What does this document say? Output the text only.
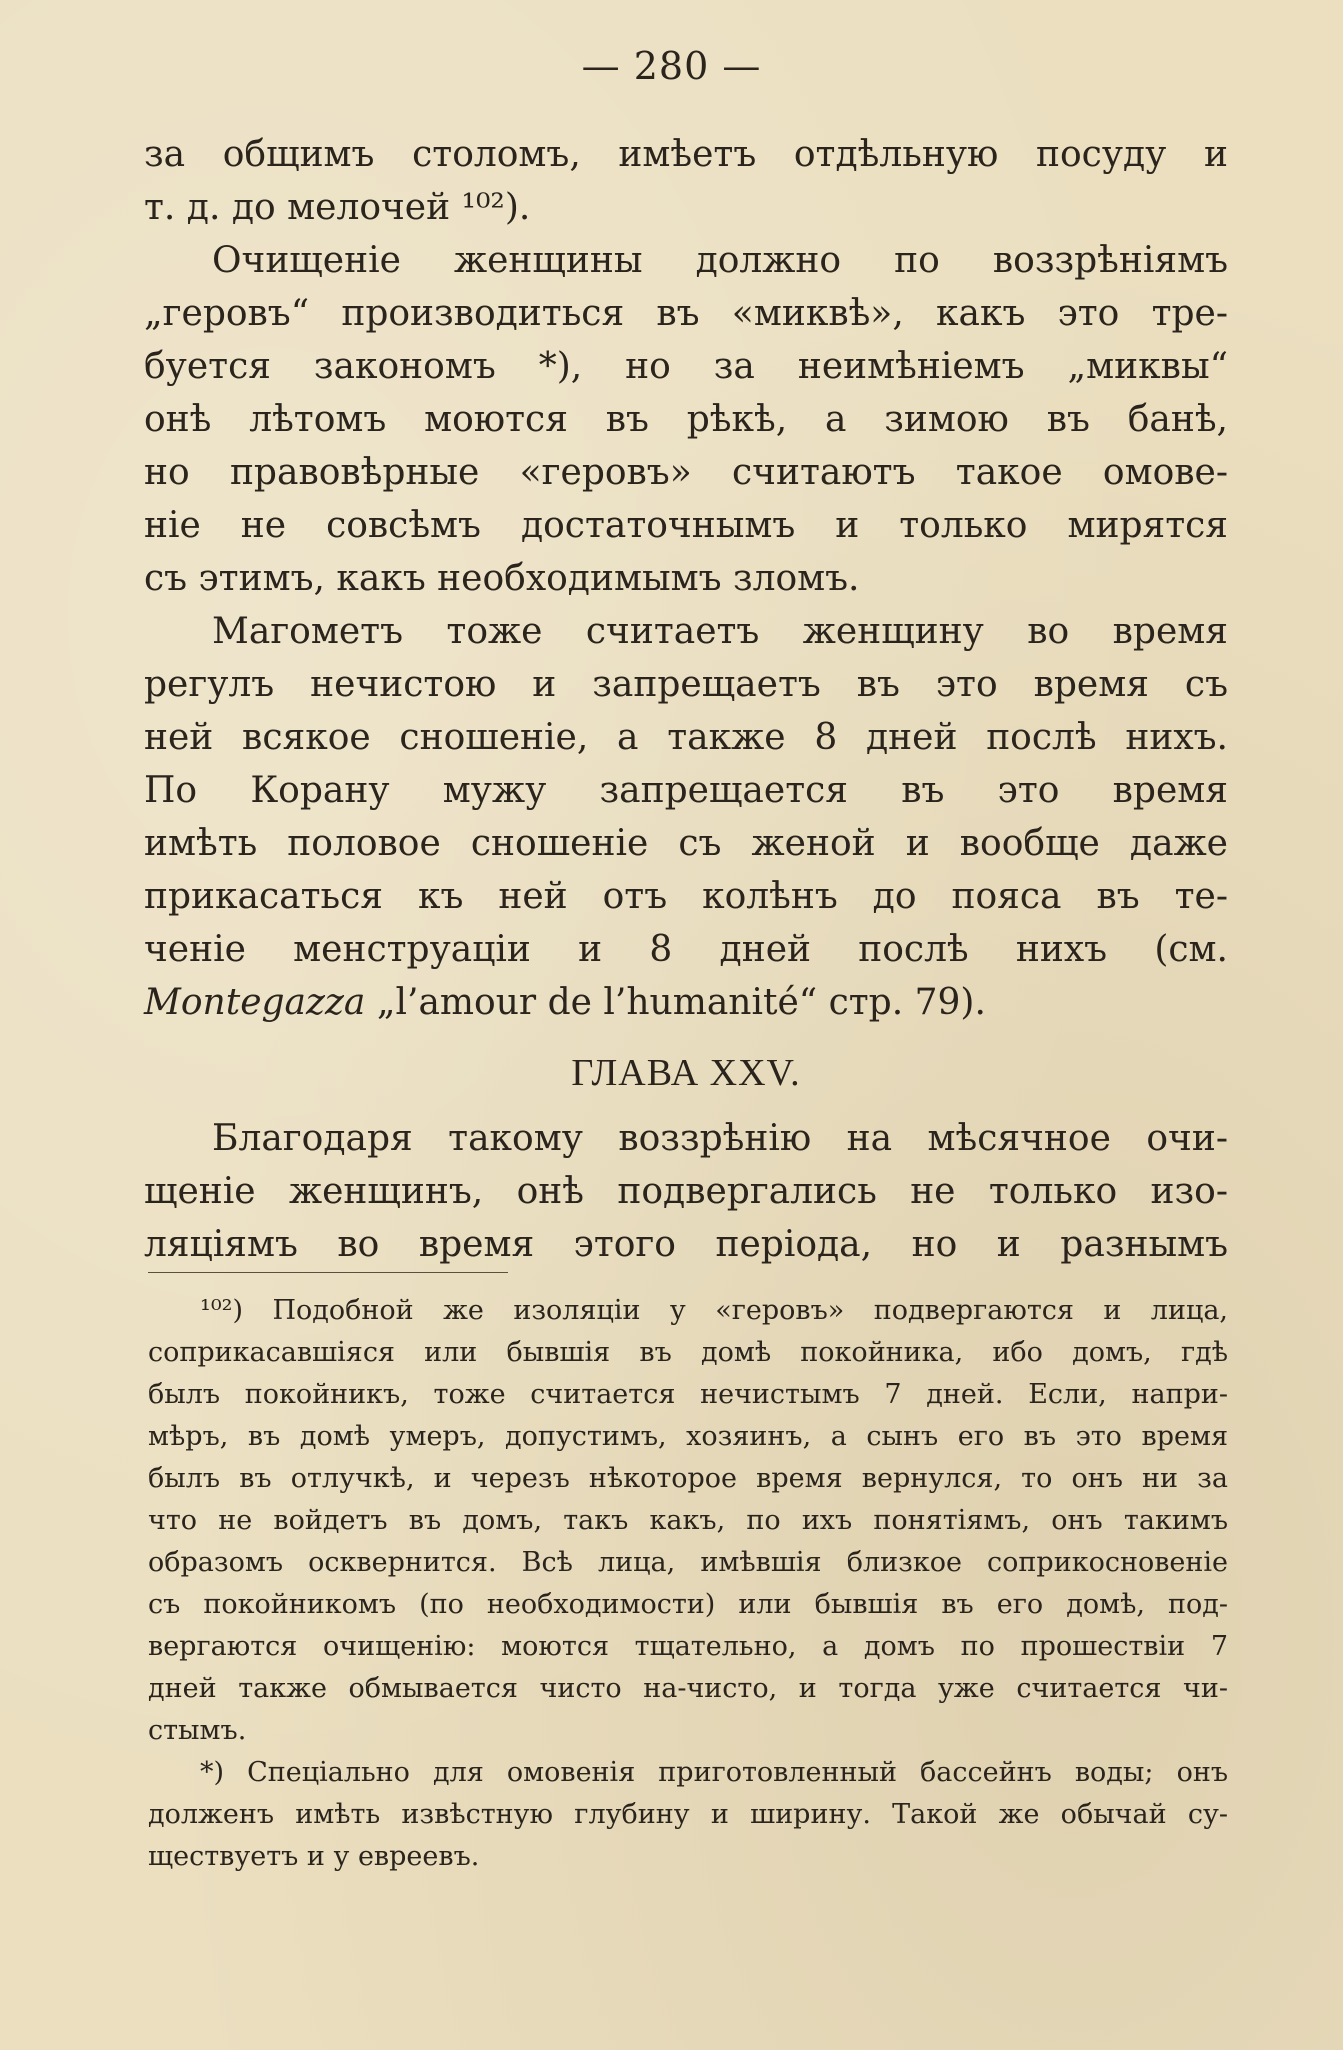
— 280 —
за общимъ столомъ, имѣетъ отдѣльную посуду и
т. д. до мелочей ¹⁰²).
Очищеніе женщины должно по воззрѣніямъ
„геровъ“ производиться въ «миквѣ», какъ это тре-
буется закономъ *), но за неимѣніемъ „миквы“
онѣ лѣтомъ моются въ рѣкѣ, а зимою въ банѣ,
но правовѣрные «геровъ» считаютъ такое омове-
ніе не совсѣмъ достаточнымъ и только мирятся
съ этимъ, какъ необходимымъ зломъ.
Магометъ тоже считаетъ женщину во время
регулъ нечистою и запрещаетъ въ это время съ
ней всякое сношеніе, а также 8 дней послѣ нихъ.
По Корану мужу запрещается въ это время
имѣть половое сношеніе съ женой и вообще даже
прикасаться къ ней отъ колѣнъ до пояса въ те-
ченіе менструаціи и 8 дней послѣ нихъ (см.
Montegazza „l’amour de l’humanité“ стр. 79).
ГЛАВА XXV.
Благодаря такому воззрѣнію на мѣсячное очи-
щеніе женщинъ, онѣ подвергались не только изо-
ляціямъ во время этого періода, но и разнымъ
¹⁰²) Подобной же изоляціи у «геровъ» подвергаются и лица,
соприкасавшіяся или бывшія въ домѣ покойника, ибо домъ, гдѣ
былъ покойникъ, тоже считается нечистымъ 7 дней. Если, напри-
мѣръ, въ домѣ умеръ, допустимъ, хозяинъ, а сынъ его въ это время
былъ въ отлучкѣ, и черезъ нѣкоторое время вернулся, то онъ ни за
что не войдетъ въ домъ, такъ какъ, по ихъ понятіямъ, онъ такимъ
образомъ осквернится. Всѣ лица, имѣвшія близкое соприкосновеніе
съ покойникомъ (по необходимости) или бывшія въ его домѣ, под-
вергаются очищенію: моются тщательно, а домъ по прошествіи 7
дней также обмывается чисто на-чисто, и тогда уже считается чи-
стымъ.
*) Спеціально для омовенія приготовленный бассейнъ воды; онъ
долженъ имѣть извѣстную глубину и ширину. Такой же обычай су-
ществуетъ и у евреевъ.
